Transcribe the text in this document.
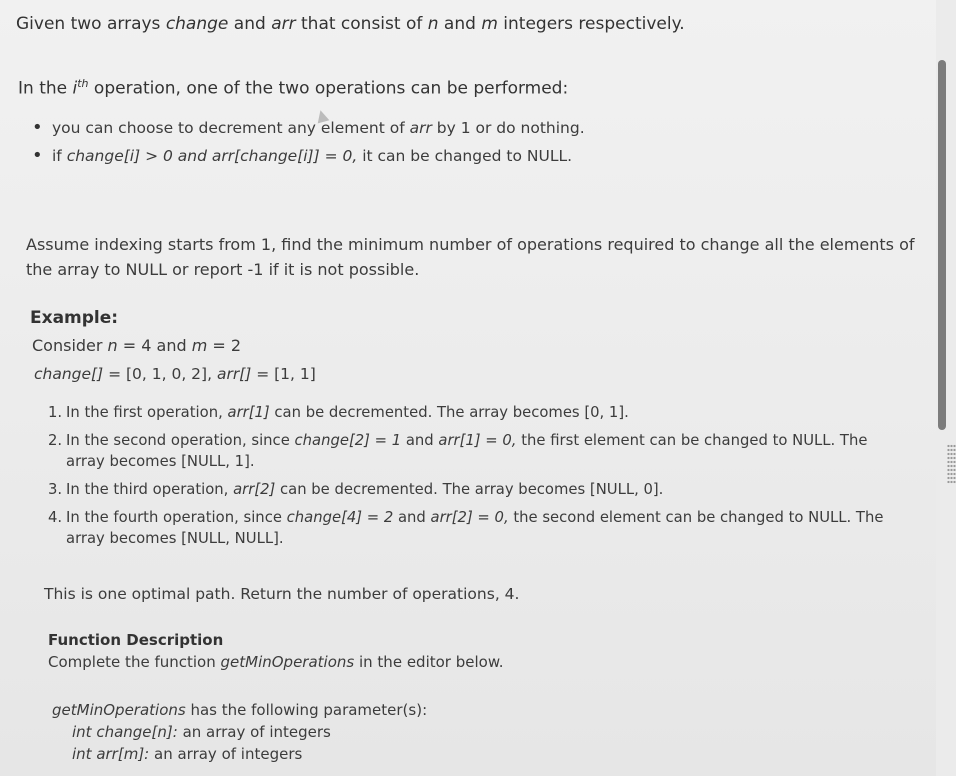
Given two arrays change and arr that consist of n and m integers respectively.
In the $i^{th}$ operation, one of the two operations can be performed:
• you can choose to decrement any element of arr by 1 or do nothing.
• if change[i] > 0 and arr[change[i]] = 0, it can be changed to NULL.
Assume indexing starts from 1, find the minimum number of operations required to change all the elements of the array to NULL or report -1 if it is not possible.
Example:
Consider n = 4 and m = 2
change[] = [0, 1, 0, 2], arr[] = [1, 1]
1. In the first operation, arr[1] can be decremented. The array becomes [0, 1].
2. In the second operation, since change[2] = 1 and arr[1] = 0, the first element can be changed to NULL. The array becomes [NULL, 1].
3. In the third operation, arr[2] can be decremented. The array becomes [NULL, 0].
4. In the fourth operation, since change[4] = 2 and arr[2] = 0, the second element can be changed to NULL. The array becomes [NULL, NULL].
This is one optimal path. Return the number of operations, 4.
Function Description
Complete the function getMinOperations in the editor below.
getMinOperations has the following parameter(s):
int change[n]: an array of integers
int arr[m]: an array of integers
